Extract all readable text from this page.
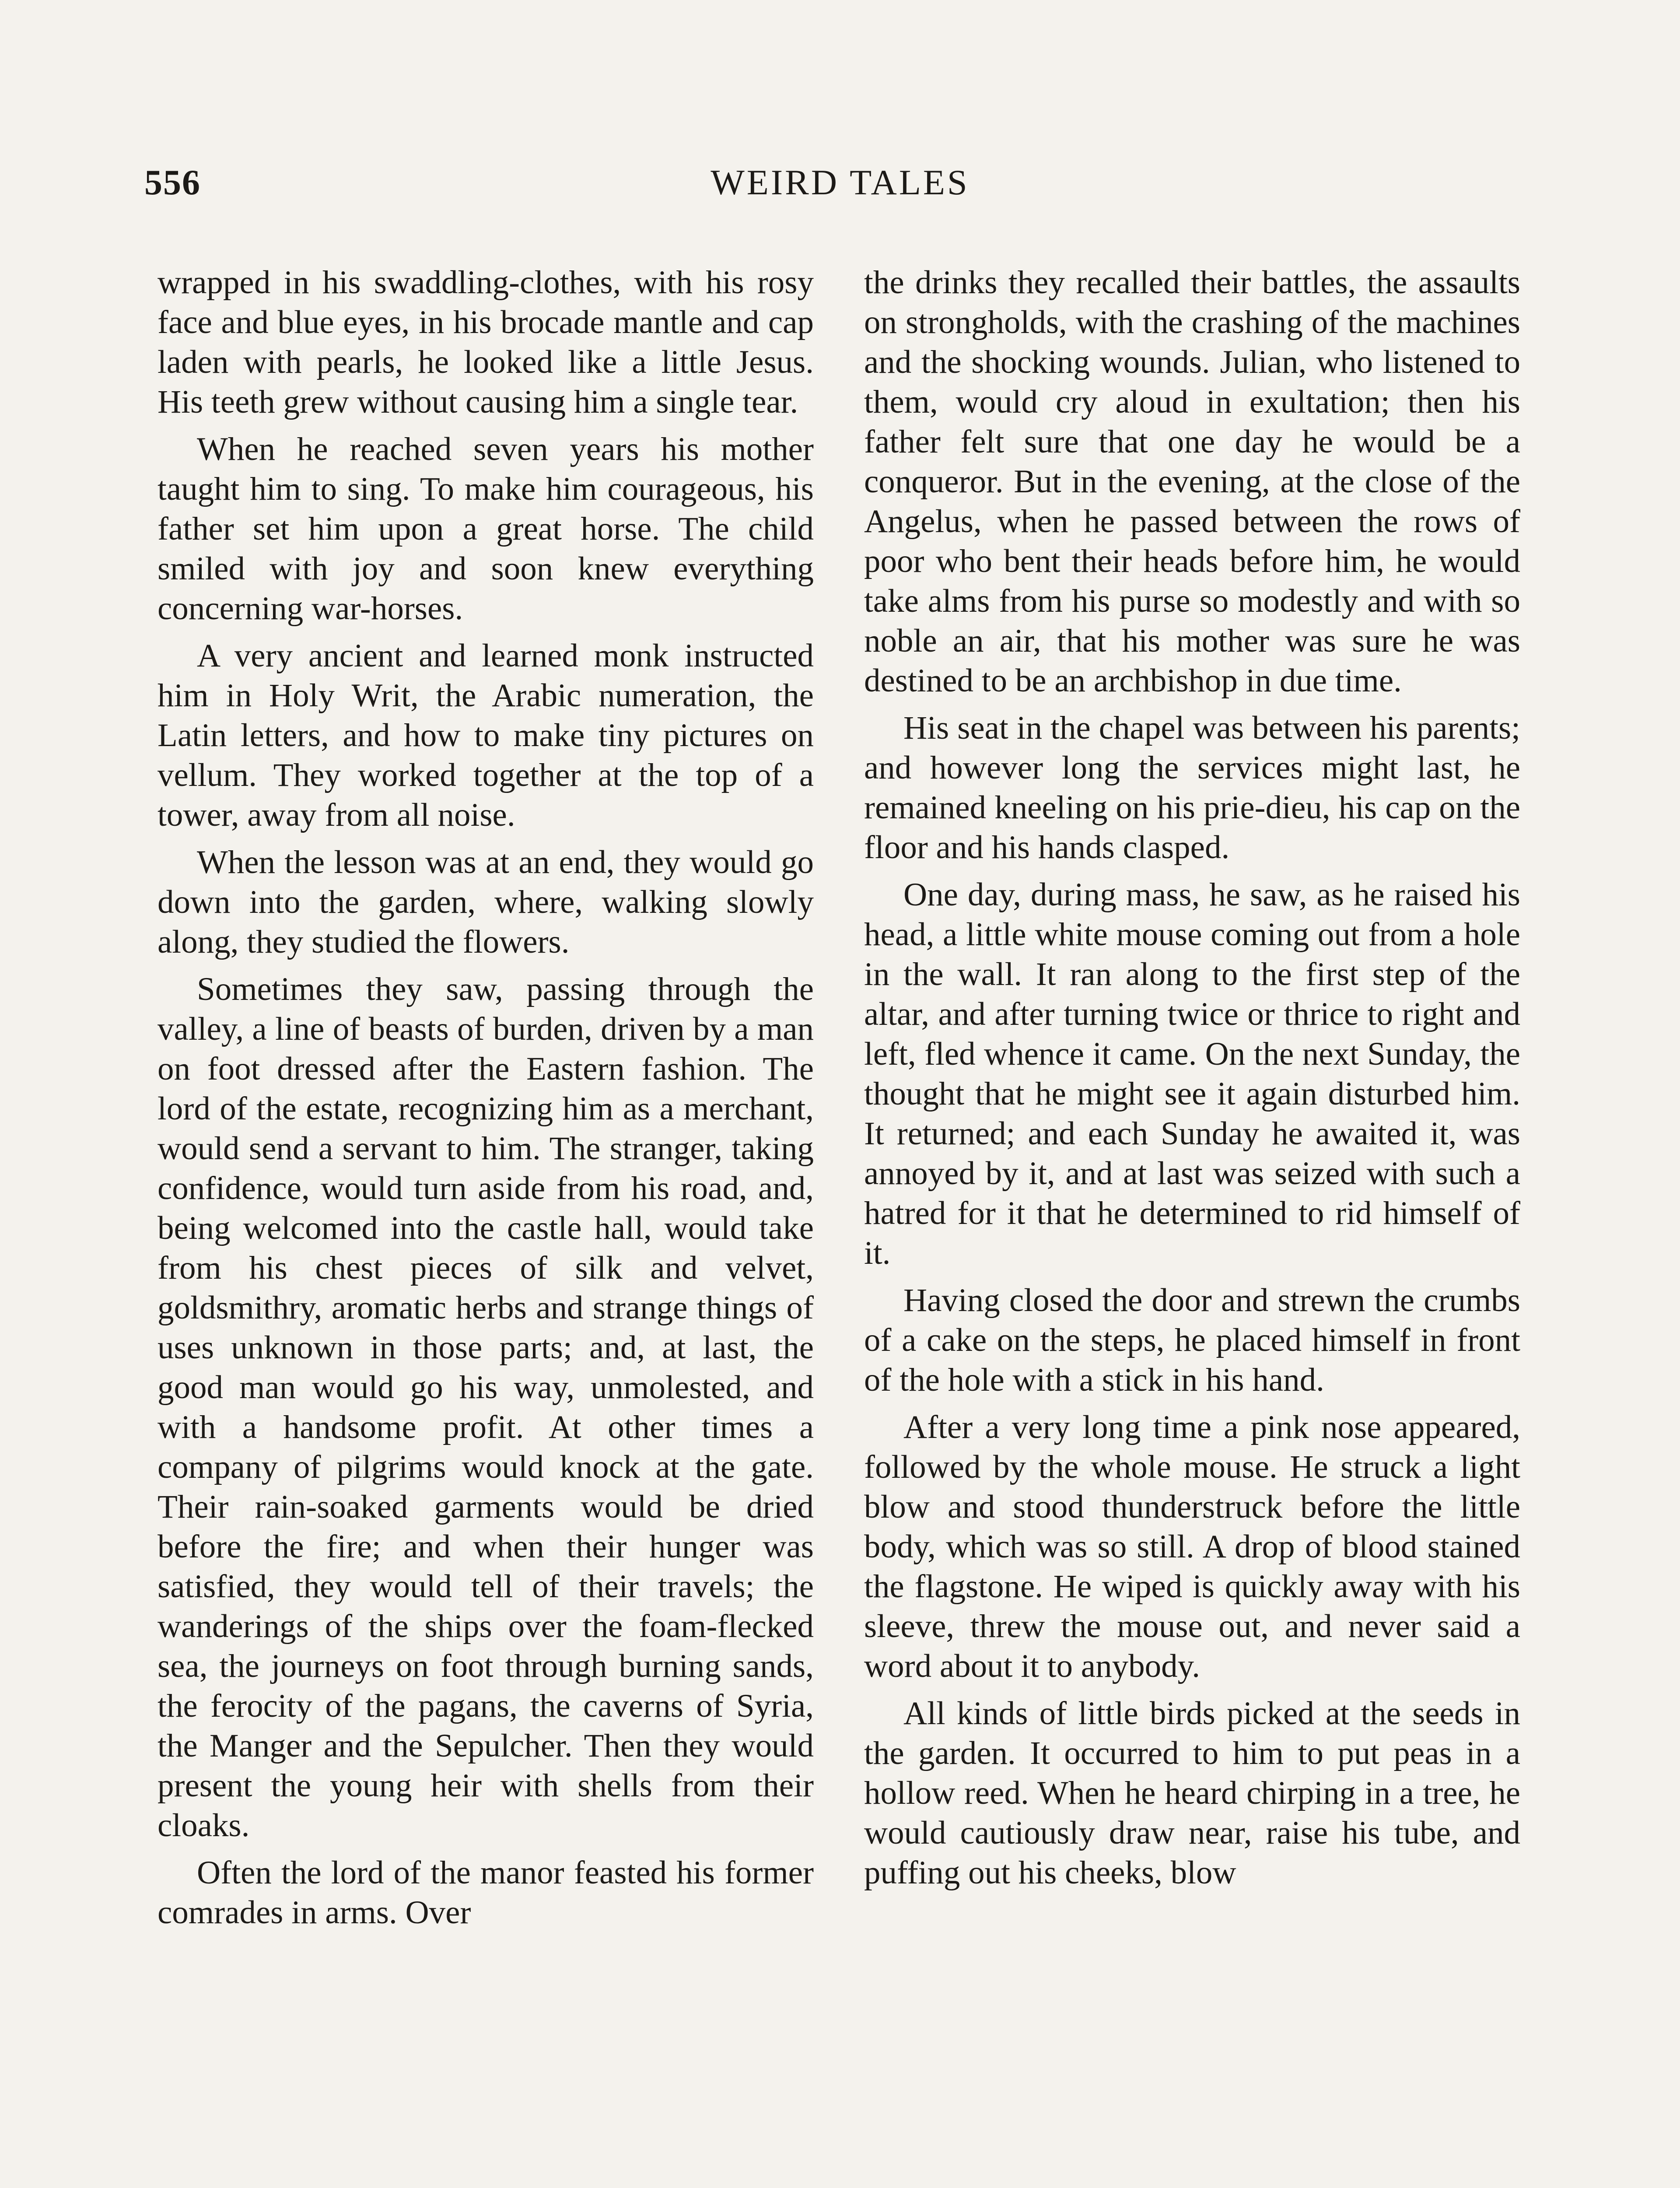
556	WEIRD TALES

wrapped in his swaddling-clothes, with his rosy face and blue eyes, in his brocade mantle and cap laden with pearls, he looked like a little Jesus. His teeth grew without causing him a single tear.

When he reached seven years his mother taught him to sing. To make him courageous, his father set him upon a great horse. The child smiled with joy and soon knew everything concerning war-horses.

A very ancient and learned monk instructed him in Holy Writ, the Arabic numeration, the Latin letters, and how to make tiny pictures on vellum. They worked together at the top of a tower, away from all noise.

When the lesson was at an end, they would go down into the garden, where, walking slowly along, they studied the flowers.

Sometimes they saw, passing through the valley, a line of beasts of burden, driven by a man on foot dressed after the Eastern fashion. The lord of the estate, recognizing him as a merchant, would send a servant to him. The stranger, taking confidence, would turn aside from his road, and, being welcomed into the castle hall, would take from his chest pieces of silk and velvet, goldsmithry, aromatic herbs and strange things of uses unknown in those parts; and, at last, the good man would go his way, unmolested, and with a handsome profit. At other times a company of pilgrims would knock at the gate. Their rain-soaked garments would be dried before the fire; and when their hunger was satisfied, they would tell of their travels; the wanderings of the ships over the foam-flecked sea, the journeys on foot through burning sands, the ferocity of the pagans, the caverns of Syria, the Manger and the Sepulcher. Then they would present the young heir with shells from their cloaks.

Often the lord of the manor feasted his former comrades in arms. Over

the drinks they recalled their battles, the assaults on strongholds, with the crashing of the machines and the shocking wounds. Julian, who listened to them, would cry aloud in exultation; then his father felt sure that one day he would be a conqueror. But in the evening, at the close of the Angelus, when he passed between the rows of poor who bent their heads before him, he would take alms from his purse so modestly and with so noble an air, that his mother was sure he was destined to be an archbishop in due time.

His seat in the chapel was between his parents; and however long the services might last, he remained kneeling on his prie-dieu, his cap on the floor and his hands clasped.

One day, during mass, he saw, as he raised his head, a little white mouse coming out from a hole in the wall. It ran along to the first step of the altar, and after turning twice or thrice to right and left, fled whence it came. On the next Sunday, the thought that he might see it again disturbed him. It returned; and each Sunday he awaited it, was annoyed by it, and at last was seized with such a hatred for it that he determined to rid himself of it.

Having closed the door and strewn the crumbs of a cake on the steps, he placed himself in front of the hole with a stick in his hand.

After a very long time a pink nose appeared, followed by the whole mouse. He struck a light blow and stood thunderstruck before the little body, which was so still. A drop of blood stained the flagstone. He wiped is quickly away with his sleeve, threw the mouse out, and never said a word about it to anybody.

All kinds of little birds picked at the seeds in the garden. It occurred to him to put peas in a hollow reed. When he heard chirping in a tree, he would cautiously draw near, raise his tube, and puffing out his cheeks, blow
